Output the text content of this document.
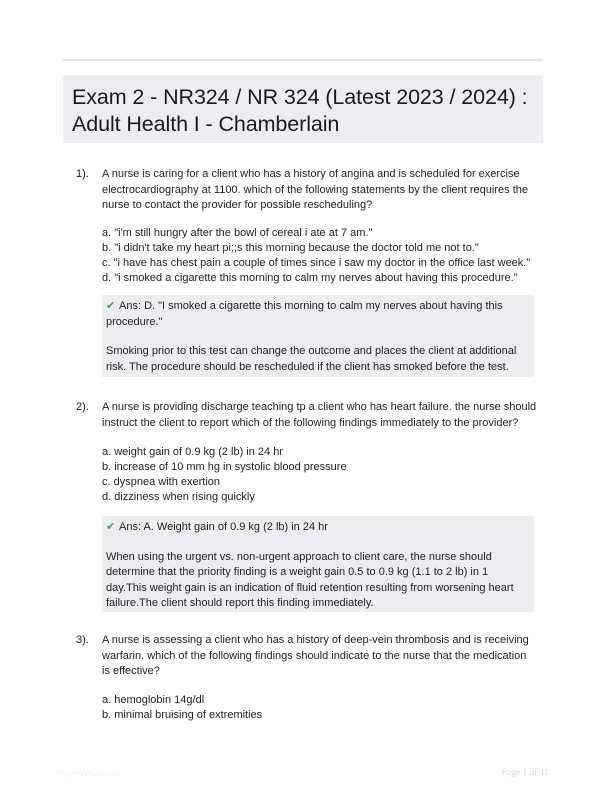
Exam 2 - NR324 / NR 324 (Latest 2023 / 2024) : Adult Health I - Chamberlain
1). A nurse is caring for a client who has a history of angina and is scheduled for exercise electrocardiography at 1100. which of the following statements by the client requires the nurse to contact the provider for possible rescheduling?

a. "i'm still hungry after the bowl of cereal i ate at 7 am."
b. "i didn't take my heart pi;;s this morning because the doctor told me not to."
c. "i have has chest pain a couple of times since i saw my doctor in the office last week."
d. "i smoked a cigarette this morning to calm my nerves about having this procedure."

✔ Ans: D. "I smoked a cigarette this morning to calm my nerves about having this procedure."

Smoking prior to this test can change the outcome and places the client at additional risk. The procedure should be rescheduled if the client has smoked before the test.

2). A nurse is providing discharge teaching tp a client who has heart failure. the nurse should instruct the client to report which of the following findings immediately to the provider?

a. weight gain of 0.9 kg (2 lb) in 24 hr
b. increase of 10 mm hg in systolic blood pressure
c. dyspnea with exertion
d. dizziness when rising quickly

✔ Ans: A. Weight gain of 0.9 kg (2 lb) in 24 hr

When using the urgent vs. non-urgent approach to client care, the nurse should determine that the priority finding is a weight gain 0.5 to 0.9 kg (1.1 to 2 lb) in 1 day.This weight gain is an indication of fluid retention resulting from worsening heart failure.The client should report this finding immediately.

3). A nurse is assessing a client who has a history of deep-vein thrombosis and is receiving warfarin. which of the following findings should indicate to the nurse that the medication is effective?

a. hemoglobin 14g/dl
b. minimal bruising of extremities
PaperWhiz.com	Page 1 of 11
